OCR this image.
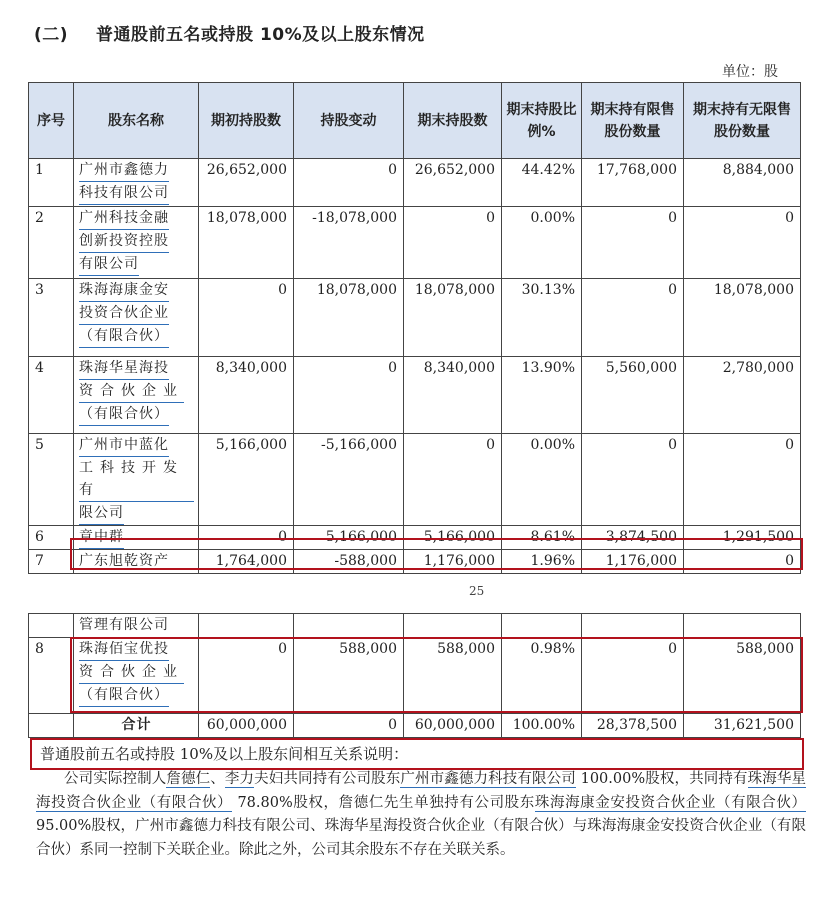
(二) 普通股前五名或持股 10%及以上股东情况
单位：股
序号	股东名称	期初持股数	持股变动	期末持股数	期末持股比例%	期末持有限售股份数量	期末持有无限售股份数量
1	广州市鑫德力
科技有限公司	26,652,000	0	26,652,000	44.42%	17,768,000	8,884,000
2	广州科技金融
创新投资控股
有限公司	18,078,000	-18,078,000	0	0.00%	0	0
3	珠海海康金安
投资合伙企业
（有限合伙）	0	18,078,000	18,078,000	30.13%	0	18,078,000
4	珠海华星海投
资合伙企业
（有限合伙）	8,340,000	0	8,340,000	13.90%	5,560,000	2,780,000
5	广州市中蓝化
工科技开发有
限公司	5,166,000	-5,166,000	0	0.00%	0	0
6	章中群	0	5,166,000	5,166,000	8.61%	3,874,500	1,291,500
7	广东旭乾资产	1,764,000	-588,000	1,176,000	1.96%	1,176,000	0
25
	管理有限公司						
8	珠海佰宝优投
资合伙企业
（有限合伙）	0	588,000	588,000	0.98%	0	588,000
	合计	60,000,000	0	60,000,000	100.00%	28,378,500	31,621,500
普通股前五名或持股 10%及以上股东间相互关系说明：
公司实际控制人詹德仁、李力夫妇共同持有公司股东广州市鑫德力科技有限公司 100.00%股权，共同持有珠海华星海投资合伙企业（有限合伙） 78.80%股权，詹德仁先生单独持有公司股东珠海海康金安投资合伙企业（有限合伙） 95.00%股权，广州市鑫德力科技有限公司、珠海华星海投资合伙企业（有限合伙）与珠海海康金安投资合伙企业（有限合伙）系同一控制下关联企业。除此之外，公司其余股东不存在关联关系。
